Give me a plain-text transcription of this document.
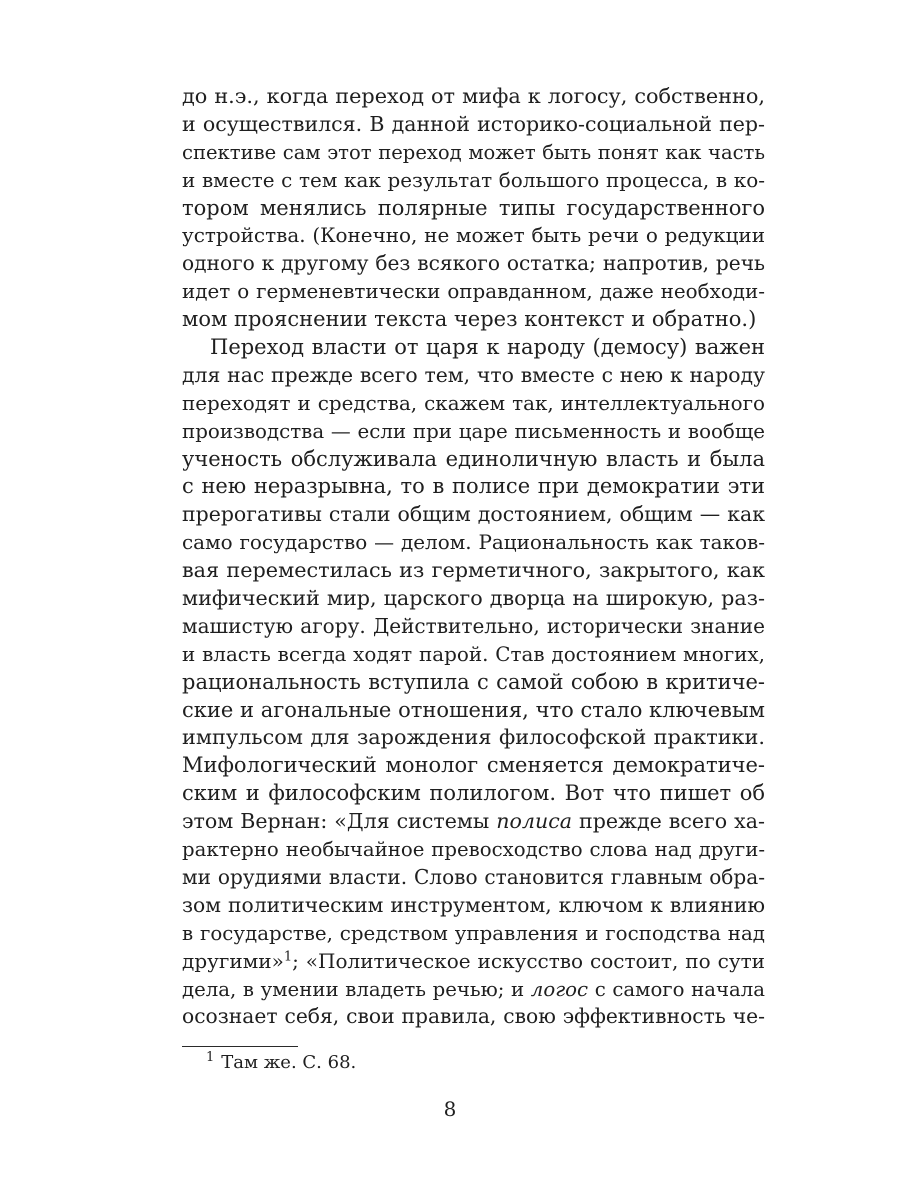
до н.э., когда переход от мифа к логосу, собственно,
и осуществился. В данной историко-социальной пер-
спективе сам этот переход может быть понят как часть
и вместе с тем как результат большого процесса, в ко-
тором менялись полярные типы государственного
устройства. (Конечно, не может быть речи о редукции
одного к другому без всякого остатка; напротив, речь
идет о герменевтически оправданном, даже необходи-
мом прояснении текста через контекст и обратно.)
Переход власти от царя к народу (демосу) важен
для нас прежде всего тем, что вместе с нею к народу
переходят и средства, скажем так, интеллектуального
производства — если при царе письменность и вообще
ученость обслуживала единоличную власть и была
с нею неразрывна, то в полисе при демократии эти
прерогативы стали общим достоянием, общим — как
само государство — делом. Рациональность как таков-
вая переместилась из герметичного, закрытого, как
мифический мир, царского дворца на широкую, раз-
машистую агору. Действительно, исторически знание
и власть всегда ходят парой. Став достоянием многих,
рациональность вступила с самой собою в критиче-
ские и агональные отношения, что стало ключевым
импульсом для зарождения философской практики.
Мифологический монолог сменяется демократиче-
ским и философским полилогом. Вот что пишет об
этом Вернан: «Для системы полиса прежде всего ха-
рактерно необычайное превосходство слова над други-
ми орудиями власти. Слово становится главным обра-
зом политическим инструментом, ключом к влиянию
в государстве, средством управления и господства над
другими»$^1$; «Политическое искусство состоит, по сути
дела, в умении владеть речью; и логос с самого начала
осознает себя, свои правила, свою эффективность че-
$^1$ Там же. С. 68.
8
